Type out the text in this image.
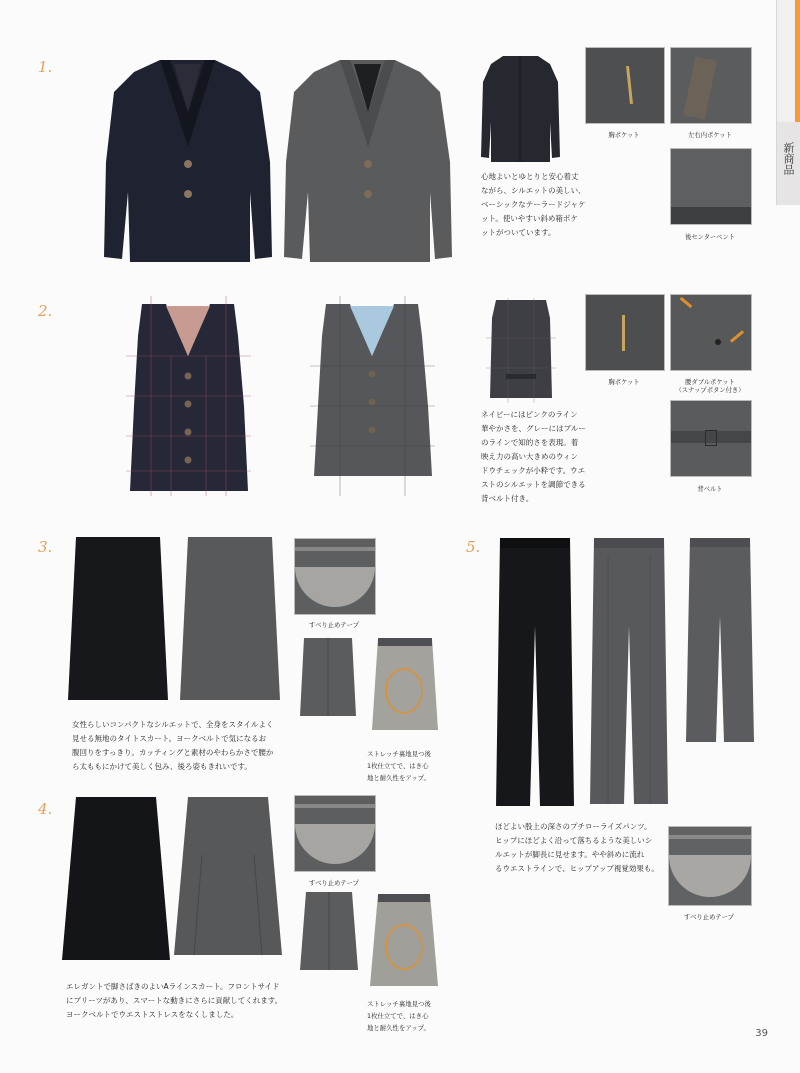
新商品
1.
胸ポケット	左右内ポケット
後センターベント
心地よいとゆとりと安心着丈
ながら、シルエットの美しい、
ベーシックなテーラードジャケ
ット。使いやすい斜め箱ポケ
ットがついています。
2.
胸ポケット	腰ダブルポケット
（スナップボタン付き）
背ベルト
ネイビーにはピンクのライン
華やかさを、グレーにはブルー
のラインで知的さを表現。着
映え力の高い大きめのウィン
ドウチェックが小粋です。ウエ
ストのシルエットを調節できる
背ベルト付き。
3.
すべり止めテープ
ストレッチ裏地見つ後
1枚仕立てで、はき心
地と耐久性をアップ。
女性らしいコンパクトなシルエットで、全身をスタイルよく
見せる無地のタイトスカート。ヨークベルトで気になるお
腹回りをすっきり。カッティングと素材のやわらかさで腰か
ら太ももにかけて美しく包み、後ろ姿もきれいです。
4.
すべり止めテープ
ストレッチ裏地見つ後
1枚仕立てで、はき心
地と耐久性をアップ。
エレガントで脚さばきのよいAラインスカート。フロントサイド
にプリーツがあり、スマートな動きにさらに貢献してくれます。
ヨークベルトでウエストストレスをなくしました。
5.
ほどよい股上の深さのプチローライズパンツ。
ヒップにほどよく沿って落ちるような美しいシ
ルエットが脚長に見せます。やや斜めに流れ
るウエストラインで、ヒップアップ視覚効果も。
すべり止めテープ
39
